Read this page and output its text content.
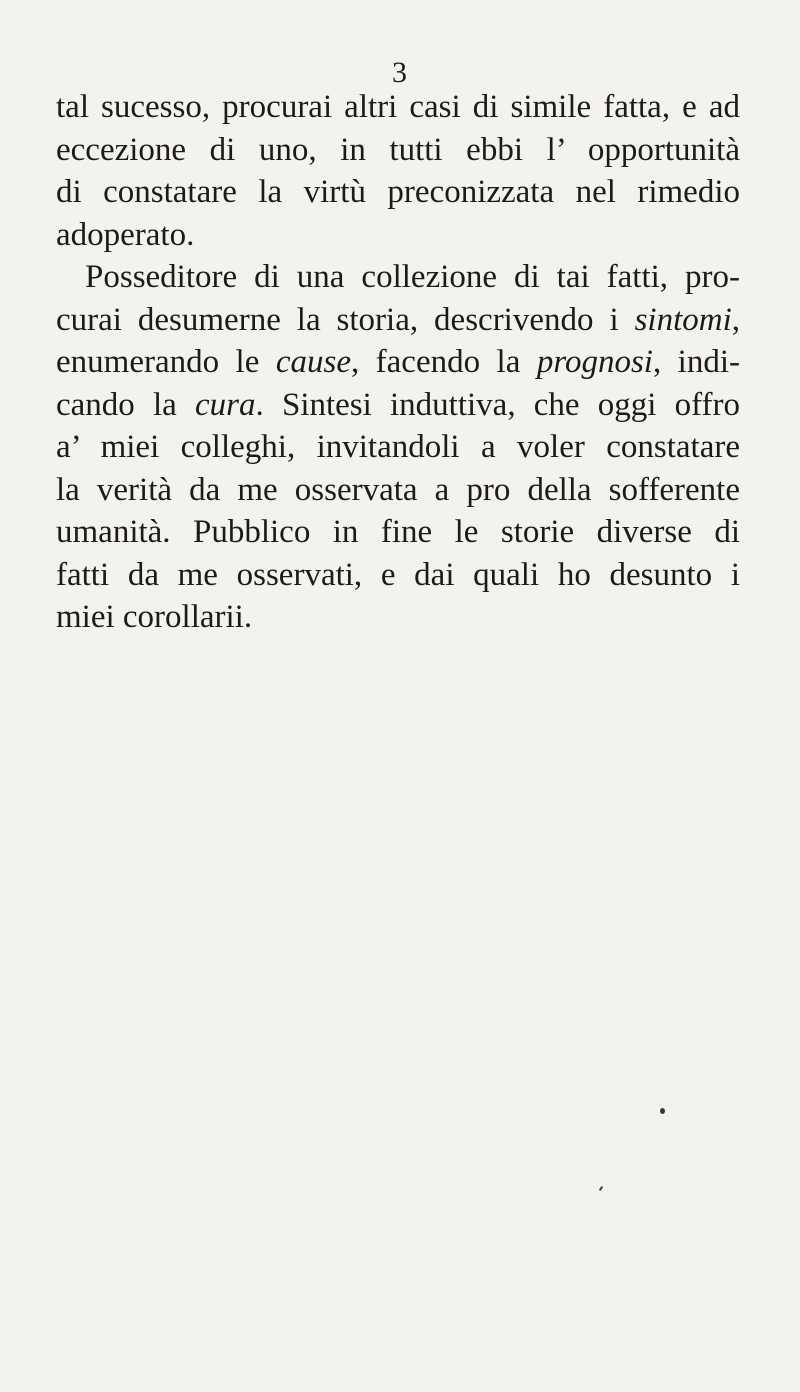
3
tal sucesso, procurai altri casi di simile fatta, e ad
eccezione di uno, in tutti ebbi l’ opportunità
di constatare la virtù preconizzata nel rimedio
adoperato.
Posseditore di una collezione di tai fatti, pro-
curai desumerne la storia, descrivendo i sintomi,
enumerando le cause, facendo la prognosi, indi-
cando la cura. Sintesi induttiva, che oggi offro
a’ miei colleghi, invitandoli a voler constatare
la verità da me osservata a pro della sofferente
umanità. Pubblico in fine le storie diverse di
fatti da me osservati, e dai quali ho desunto i
miei corollarii.
